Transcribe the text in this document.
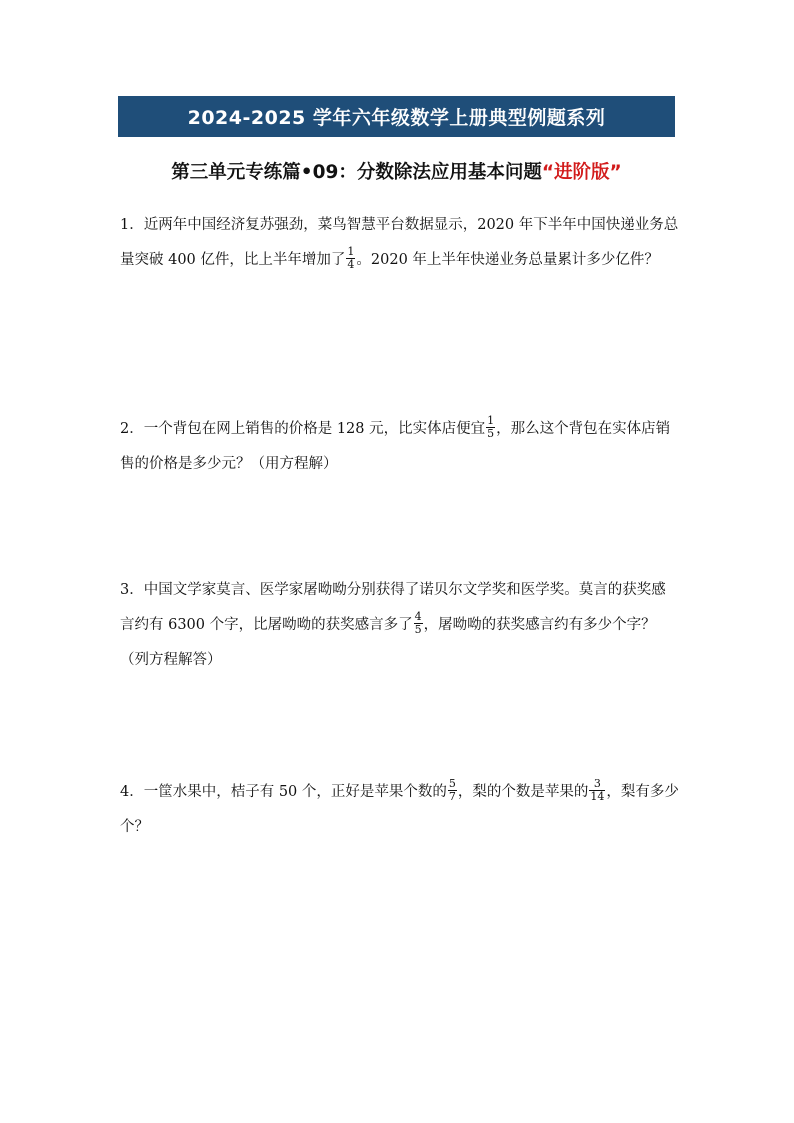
2024-2025 学年六年级数学上册典型例题系列
第三单元专练篇•09：分数除法应用基本问题“进阶版”
1．近两年中国经济复苏强劲，菜鸟智慧平台数据显示，2020 年下半年中国快递业务总量突破 400 亿件，比上半年增加了 $\frac{1}{4}$ 。2020 年上半年快递业务总量累计多少亿件？
2．一个背包在网上销售的价格是 128 元，比实体店便宜 $\frac{1}{5}$ ，那么这个背包在实体店销售的价格是多少元？（用方程解）
3．中国文学家莫言、医学家屠呦呦分别获得了诺贝尔文学奖和医学奖。莫言的获奖感言约有 6300 个字，比屠呦呦的获奖感言多了 $\frac{4}{5}$ ，屠呦呦的获奖感言约有多少个字？（列方程解答）
4．一筐水果中，桔子有 50 个，正好是苹果个数的 $\frac{5}{7}$ ，梨的个数是苹果的 $\frac{3}{14}$ ，梨有多少个？
